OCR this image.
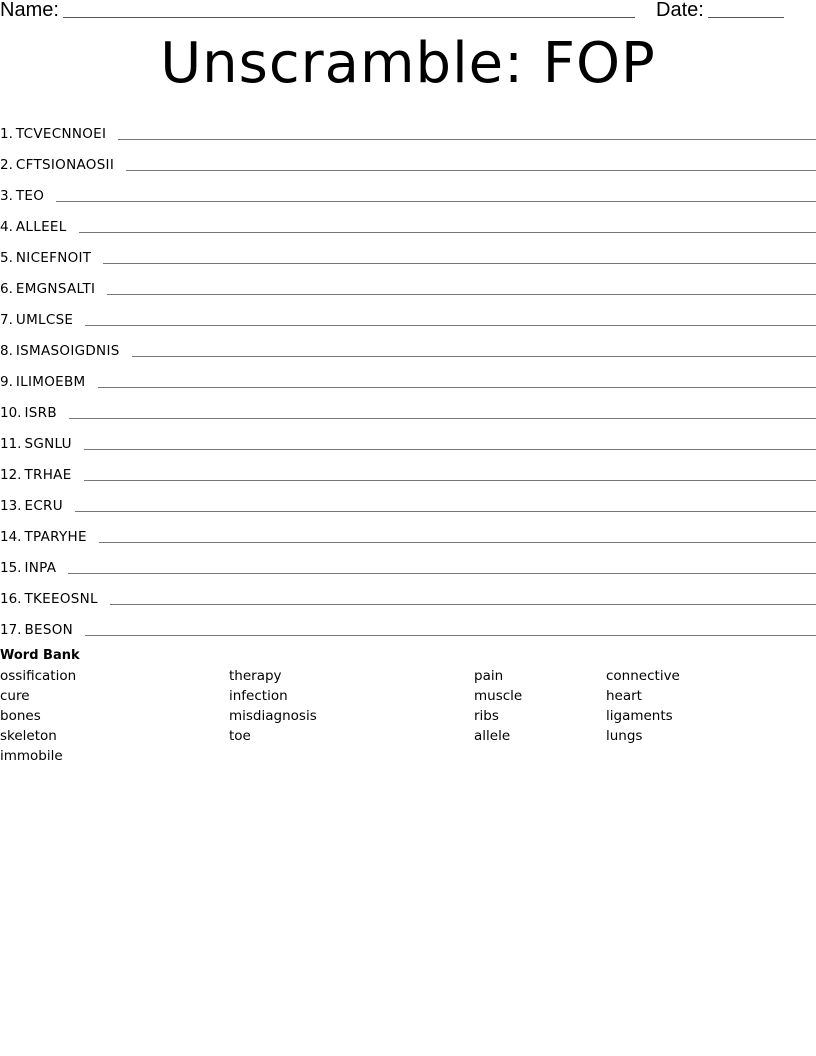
Name:	Date:
Unscramble: FOP
1. TCVECNNOEI
2. CFTSIONAOSII
3. TEO
4. ALLEEL
5. NICEFNOIT
6. EMGNSALTI
7. UMLCSE
8. ISMASOIGDNIS
9. ILIMOEBM
10. ISRB
11. SGNLU
12. TRHAE
13. ECRU
14. TPARYHE
15. INPA
16. TKEEOSNL
17. BESON
Word Bank
ossification
cure
bones
skeleton
immobile
therapy
infection
misdiagnosis
toe
pain
muscle
ribs
allele
connective
heart
ligaments
lungs
